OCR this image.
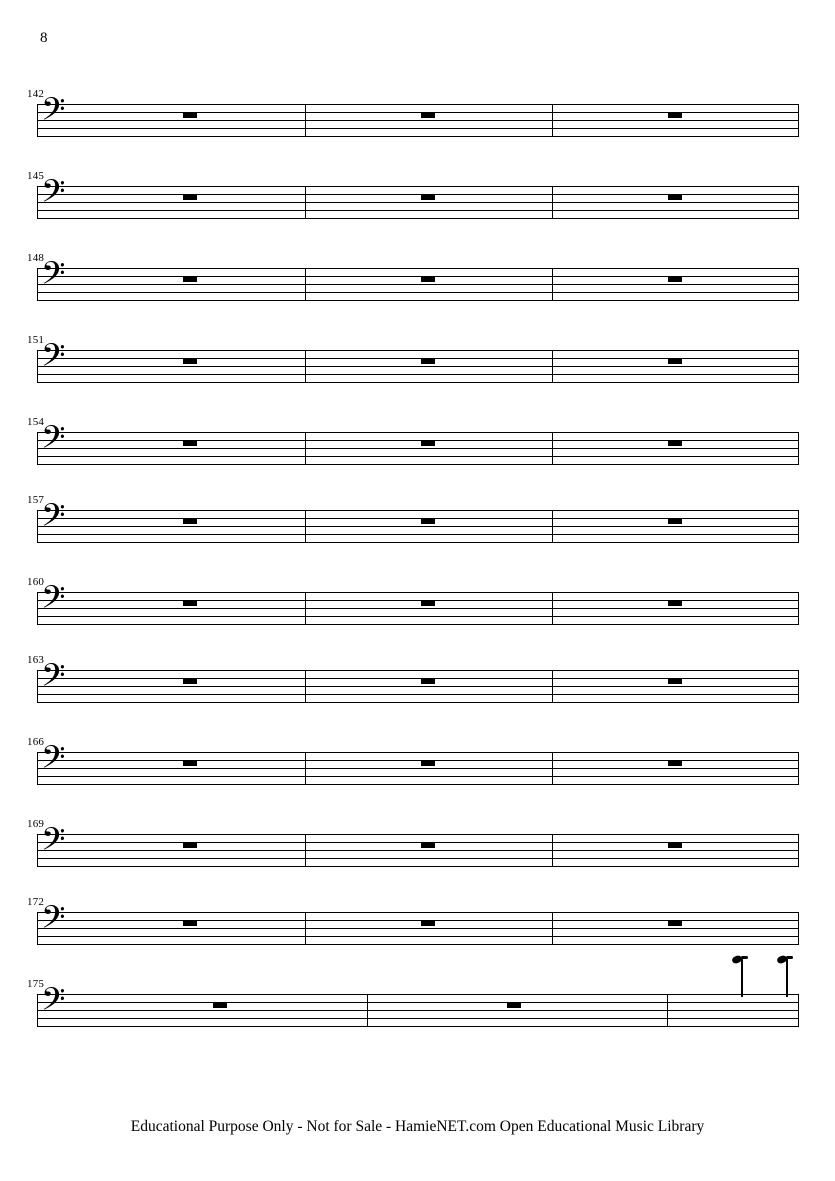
8
142
𝄢
145
𝄢
148
𝄢
151
𝄢
154
𝄢
157
𝄢
160
𝄢
163
𝄢
166
𝄢
169
𝄢
172
𝄢
175
𝄢
Educational Purpose Only - Not for Sale - HamieNET.com Open Educational Music Library
